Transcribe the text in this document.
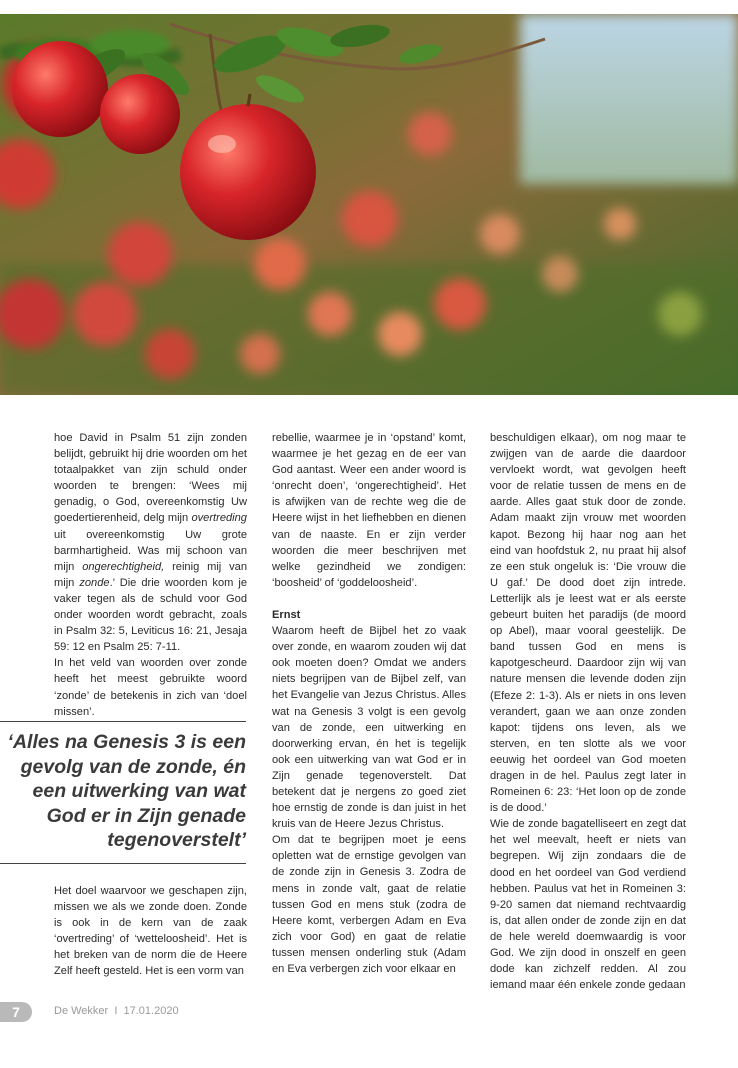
hoe David in Psalm 51 zijn zonden belijdt, gebruikt hij drie woorden om het totaalpakket van zijn schuld onder woorden te brengen: ‘Wees mij genadig, o God, overeenkomstig Uw goedertierenheid, delg mijn overtreding uit overeenkomstig Uw grote barmhartigheid. Was mij schoon van mijn ongerechtigheid, reinig mij van mijn zonde.’ Die drie woorden kom je vaker tegen als de schuld voor God onder woorden wordt gebracht, zoals in Psalm 32: 5, Leviticus 16: 21, Jesaja 59: 12 en Psalm 25: 7-11.

In het veld van woorden over zonde heeft het meest gebruikte woord ‘zonde’ de betekenis in zich van ‘doel missen’.

‘Alles na Genesis 3 is een gevolg van de zonde, én een uitwerking van wat God er in Zijn genade tegenoverstelt’

Het doel waarvoor we geschapen zijn, missen we als we zonde doen. Zonde is ook in de kern van de zaak ‘overtreding’ of ‘wetteloosheid’. Het is het breken van de norm die de Heere Zelf heeft gesteld. Het is een vorm van

rebellie, waarmee je in ‘opstand’ komt, waarmee je het gezag en de eer van God aantast. Weer een ander woord is ‘onrecht doen’, ‘ongerechtigheid’. Het is afwijken van de rechte weg die de Heere wijst in het liefhebben en dienen van de naaste. En er zijn verder woorden die meer beschrijven met welke gezindheid we zondigen: ‘boosheid’ of ‘goddeloosheid’.

Ernst

Waarom heeft de Bijbel het zo vaak over zonde, en waarom zouden wij dat ook moeten doen? Omdat we anders niets begrijpen van de Bijbel zelf, van het Evangelie van Jezus Christus. Alles wat na Genesis 3 volgt is een gevolg van de zonde, een uitwerking en doorwerking ervan, én het is tegelijk ook een uitwerking van wat God er in Zijn genade tegenoverstelt. Dat betekent dat je nergens zo goed ziet hoe ernstig de zonde is dan juist in het kruis van de Heere Jezus Christus.

Om dat te begrijpen moet je eens opletten wat de ernstige gevolgen van de zonde zijn in Genesis 3. Zodra de mens in zonde valt, gaat de relatie tussen God en mens stuk (zodra de Heere komt, verbergen Adam en Eva zich voor God) en gaat de relatie tussen mensen onderling stuk (Adam en Eva verbergen zich voor elkaar en

beschuldigen elkaar), om nog maar te zwijgen van de aarde die daardoor vervloekt wordt, wat gevolgen heeft voor de relatie tussen de mens en de aarde. Alles gaat stuk door de zonde. Adam maakt zijn vrouw met woorden kapot. Bezong hij haar nog aan het eind van hoofdstuk 2, nu praat hij alsof ze een stuk ongeluk is: ‘Die vrouw die U gaf.’ De dood doet zijn intrede. Letterlijk als je leest wat er als eerste gebeurt buiten het paradijs (de moord op Abel), maar vooral geestelijk. De band tussen God en mens is kapotgescheurd. Daardoor zijn wij van nature mensen die levende doden zijn (Efeze 2: 1-3). Als er niets in ons leven verandert, gaan we aan onze zonden kapot: tijdens ons leven, als we sterven, en ten slotte als we voor eeuwig het oordeel van God moeten dragen in de hel. Paulus zegt later in Romeinen 6: 23: ‘Het loon op de zonde is de dood.’

Wie de zonde bagatelliseert en zegt dat het wel meevalt, heeft er niets van begrepen. Wij zijn zondaars die de dood en het oordeel van God verdiend hebben. Paulus vat het in Romeinen 3: 9-20 samen dat niemand rechtvaardig is, dat allen onder de zonde zijn en dat de hele wereld doemwaardig is voor God. We zijn dood in onszelf en geen dode kan zichzelf redden. Al zou iemand maar één enkele zonde gedaan

7	De Wekker I 17.01.2020
